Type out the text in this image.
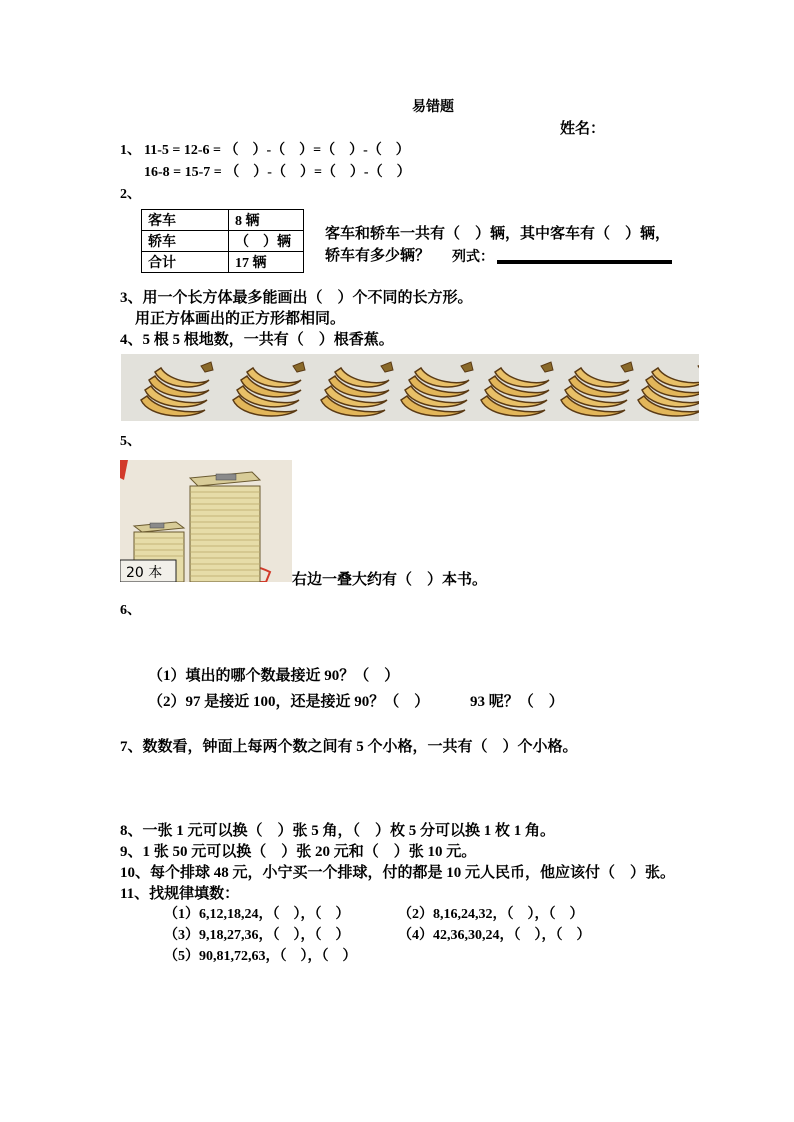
易错题
姓名：
1、 11-5 = 12-6 = （　）-（　）=（　）-（　）
16-8 = 15-7 = （　）-（　）=（　）-（　）
2、
客车	8 辆
轿车	（　）辆
合计	17 辆
客车和轿车一共有（　）辆，其中客车有（　）辆，
轿车有多少辆？ 列式：
3、用一个长方体最多能画出（　）个不同的长方形。
用正方体画出的正方形都相同。
4、5 根 5 根地数，一共有（　）根香蕉。
5、
20 本	右边一叠大约有（　）本书。
6、
（1）填出的哪个数最接近 90？（　）
（2）97 是接近 100，还是接近 90？（　）	93 呢？（　）
7、数数看，钟面上每两个数之间有 5 个小格，一共有（　）个小格。
8、一张 1 元可以换（　）张 5 角，（　）枚 5 分可以换 1 枚 1 角。
9、1 张 50 元可以换（　）张 20 元和（　）张 10 元。
10、每个排球 48 元，小宁买一个排球，付的都是 10 元人民币，他应该付（　）张。
11、找规律填数：
（1）6,12,18,24，（　），（　）	（2）8,16,24,32，（　），（　）
（3）9,18,27,36，（　），（　）	（4）42,36,30,24，（　），（　）
（5）90,81,72,63，（　），（　）
